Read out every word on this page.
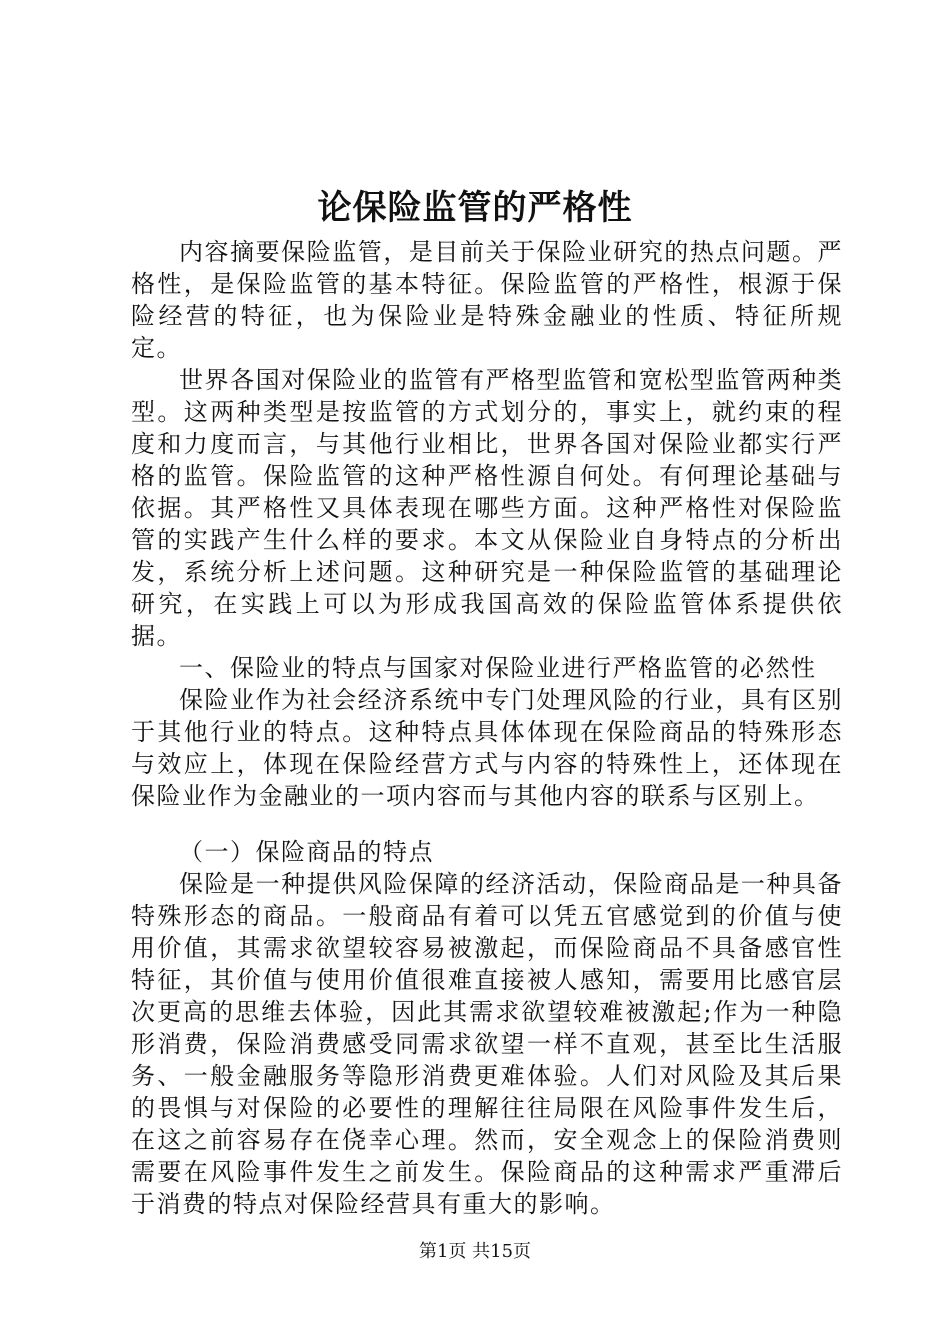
论保险监管的严格性

内容摘要保险监管，是目前关于保险业研究的热点问题。严格性，是保险监管的基本特征。保险监管的严格性，根源于保险经营的特征，也为保险业是特殊金融业的性质、特征所规定。

世界各国对保险业的监管有严格型监管和宽松型监管两种类型。这两种类型是按监管的方式划分的，事实上，就约束的程度和力度而言，与其他行业相比，世界各国对保险业都实行严格的监管。保险监管的这种严格性源自何处。有何理论基础与依据。其严格性又具体表现在哪些方面。这种严格性对保险监管的实践产生什么样的要求。本文从保险业自身特点的分析出发，系统分析上述问题。这种研究是一种保险监管的基础理论研究，在实践上可以为形成我国高效的保险监管体系提供依据。

一、保险业的特点与国家对保险业进行严格监管的必然性

保险业作为社会经济系统中专门处理风险的行业，具有区别于其他行业的特点。这种特点具体体现在保险商品的特殊形态与效应上，体现在保险经营方式与内容的特殊性上，还体现在保险业作为金融业的一项内容而与其他内容的联系与区别上。

（一）保险商品的特点

保险是一种提供风险保障的经济活动，保险商品是一种具备特殊形态的商品。一般商品有着可以凭五官感觉到的价值与使用价值，其需求欲望较容易被激起，而保险商品不具备感官性特征，其价值与使用价值很难直接被人感知，需要用比感官层次更高的思维去体验，因此其需求欲望较难被激起;作为一种隐形消费，保险消费感受同需求欲望一样不直观，甚至比生活服务、一般金融服务等隐形消费更难体验。人们对风险及其后果的畏惧与对保险的必要性的理解往往局限在风险事件发生后，在这之前容易存在侥幸心理。然而，安全观念上的保险消费则需要在风险事件发生之前发生。保险商品的这种需求严重滞后于消费的特点对保险经营具有重大的影响。

第1页 共15页
